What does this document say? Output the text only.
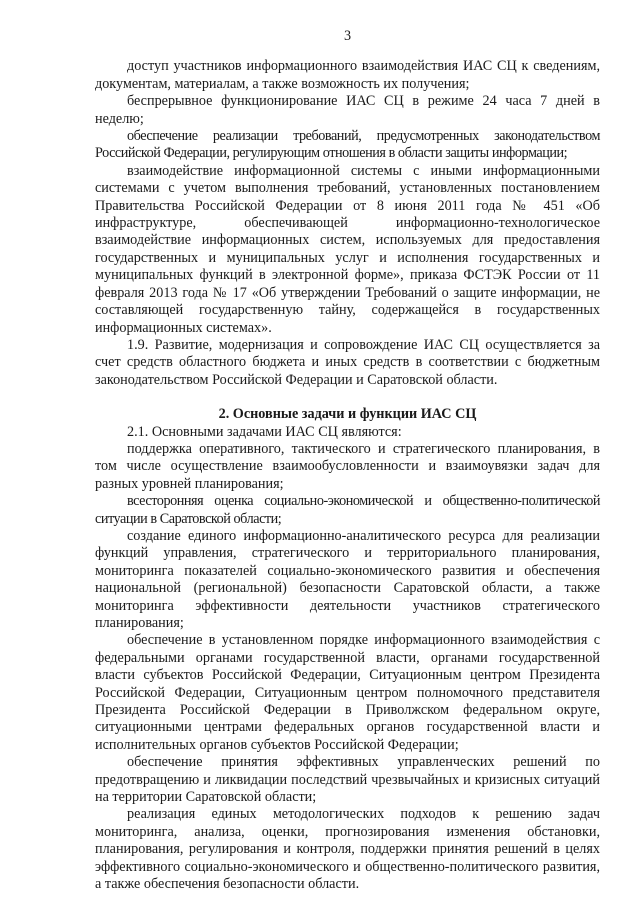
3

доступ участников информационного взаимодействия ИАС СЦ к сведениям, документам, материалам, а также возможность их получения;

беспрерывное функционирование ИАС СЦ в режиме 24 часа 7 дней в неделю;

обеспечение реализации требований, предусмотренных законодательством Российской Федерации, регулирующим отношения в области защиты информации;

взаимодействие информационной системы с иными информационными системами с учетом выполнения требований, установленных постановлением Правительства Российской Федерации от 8 июня 2011 года № 451 «Об инфраструктуре, обеспечивающей информационно-технологическое взаимодействие информационных систем, используемых для предоставления государственных и муниципальных услуг и исполнения государственных и муниципальных функций в электронной форме», приказа ФСТЭК России от 11 февраля 2013 года № 17 «Об утверждении Требований о защите информации, не составляющей государственную тайну, содержащейся в государственных информационных системах».

1.9. Развитие, модернизация и сопровождение ИАС СЦ осуществляется за счет средств областного бюджета и иных средств в соответствии с бюджетным законодательством Российской Федерации и Саратовской области.

2. Основные задачи и функции ИАС СЦ

2.1. Основными задачами ИАС СЦ являются:

поддержка оперативного, тактического и стратегического планирования, в том числе осуществление взаимообусловленности и взаимоувязки задач для разных уровней планирования;

всесторонняя оценка социально-экономической и общественно-политической ситуации в Саратовской области;

создание единого информационно-аналитического ресурса для реализации функций управления, стратегического и территориального планирования, мониторинга показателей социально-экономического развития и обеспечения национальной (региональной) безопасности Саратовской области, а также мониторинга эффективности деятельности участников стратегического планирования;

обеспечение в установленном порядке информационного взаимодействия с федеральными органами государственной власти, органами государственной власти субъектов Российской Федерации, Ситуационным центром Президента Российской Федерации, Ситуационным центром полномочного представителя Президента Российской Федерации в Приволжском федеральном округе, ситуационными центрами федеральных органов государственной власти и исполнительных органов субъектов Российской Федерации;

обеспечение принятия эффективных управленческих решений по предотвращению и ликвидации последствий чрезвычайных и кризисных ситуаций на территории Саратовской области;

реализация единых методологических подходов к решению задач мониторинга, анализа, оценки, прогнозирования изменения обстановки, планирования, регулирования и контроля, поддержки принятия решений в целях эффективного социально-экономического и общественно-политического развития, а также обеспечения безопасности области.
